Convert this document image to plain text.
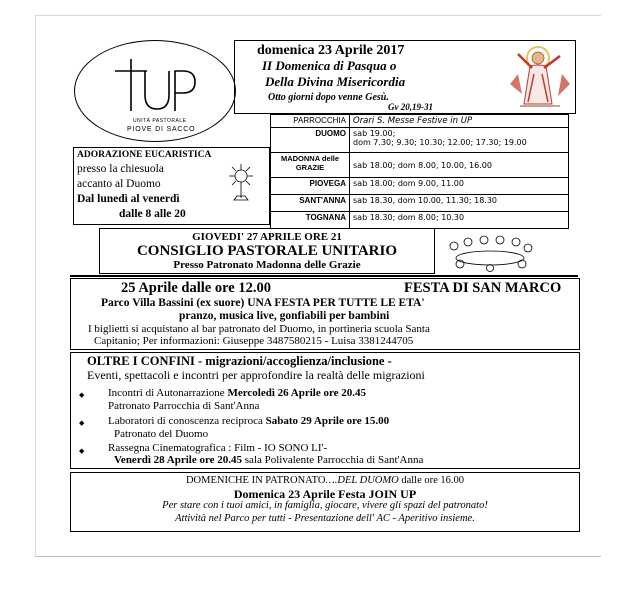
UNITÀ PASTORALE
PIOVE DI SACCO
domenica 23 Aprile 2017
II Domenica di Pasqua o
Della Divina Misericordia
Otto giorni dopo venne Gesù.
Gv 20,19-31
ADORAZIONE EUCARISTICA
presso la chiesuola
accanto al Duomo
Dal lunedì al venerdì
dalle 8 alle 20
PARROCCHIA	Orari S. Messe Festive in UP
DUOMO	sab 19.00;
dom 7.30; 9.30; 10.30; 12.00; 17.30; 19.00
MADONNA delle GRAZIE	sab 18.00; dom 8.00, 10.00, 16.00
PIOVEGA	sab 18.00; dom 9.00, 11.00
SANT'ANNA	sab 18.30, dom 10.00, 11.30; 18.30
TOGNANA	sab 18.30; dom 8.00; 10.30
GIOVEDI' 27 APRILE ORE 21
CONSIGLIO PASTORALE UNITARIO
Presso Patronato Madonna delle Grazie
25 Aprile dalle ore 12.00	FESTA DI SAN MARCO
Parco Villa Bassini (ex suore) UNA FESTA PER TUTTE LE ETA'
pranzo, musica live, gonfiabili per bambini
I biglietti si acquistano al bar patronato del Duomo, in portineria scuola Santa
Capitanio; Per informazioni: Giuseppe 3487580215 - Luisa 3381244705
OLTRE I CONFINI - migrazioni/accoglienza/inclusione -
Eventi, spettacoli e incontri per approfondire la realtà delle migrazioni
◆ Incontri di Autonarrazione Mercoledì 26 Aprile ore 20.45
Patronato Parrocchia di Sant'Anna
◆ Laboratori di conoscenza reciproca Sabato 29 Aprile ore 15.00
Patronato del Duomo
◆ Rassegna Cinematografica : Film - IO SONO LI'-
Venerdì 28 Aprile ore 20.45 sala Polivalente Parrocchia di Sant'Anna
DOMENICHE IN PATRONATO….DEL DUOMO dalle ore 16.00
Domenica 23 Aprile Festa JOIN UP
Per stare con i tuoi amici, in famiglia, giocare, vivere gli spazi del patronato!
Attività nel Parco per tutti - Presentazione dell' AC - Aperitivo insieme.
